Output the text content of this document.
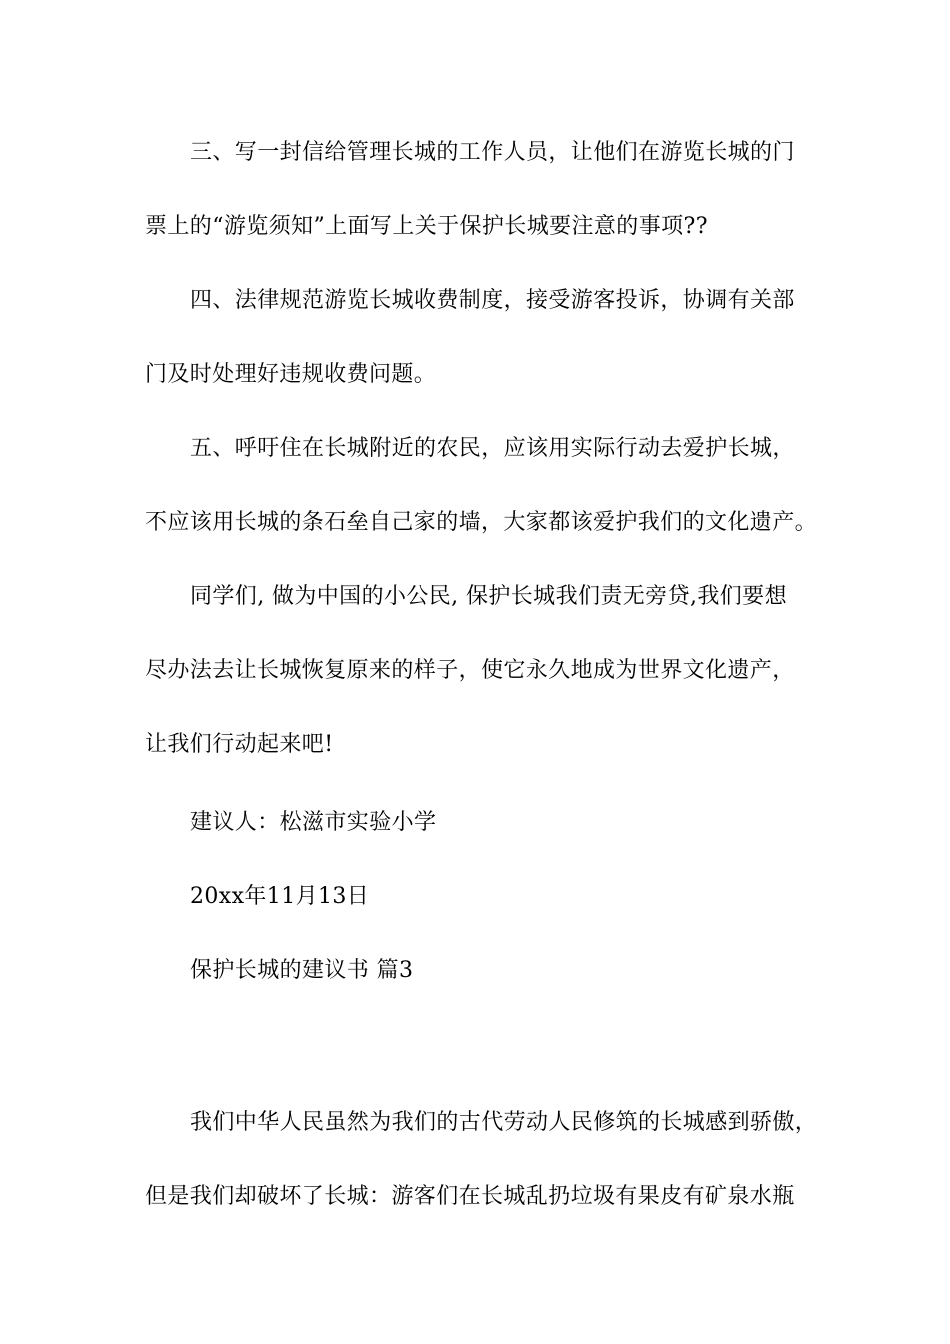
三、写一封信给管理长城的工作人员，让他们在游览长城的门
票上的“游览须知”上面写上关于保护长城要注意的事项??
四、法律规范游览长城收费制度，接受游客投诉，协调有关部
门及时处理好违规收费问题。
五、呼吁住在长城附近的农民，应该用实际行动去爱护长城，
不应该用长城的条石垒自己家的墙，大家都该爱护我们的文化遗产。
同学们, 做为中国的小公民, 保护长城我们责无旁贷,我们要想
尽办法去让长城恢复原来的样子，使它永久地成为世界文化遗产，
让我们行动起来吧!
建议人：松滋市实验小学
20xx年11月13日
保护长城的建议书 篇3
我们中华人民虽然为我们的古代劳动人民修筑的长城感到骄傲，
但是我们却破坏了长城：游客们在长城乱扔垃圾有果皮有矿泉水瓶
